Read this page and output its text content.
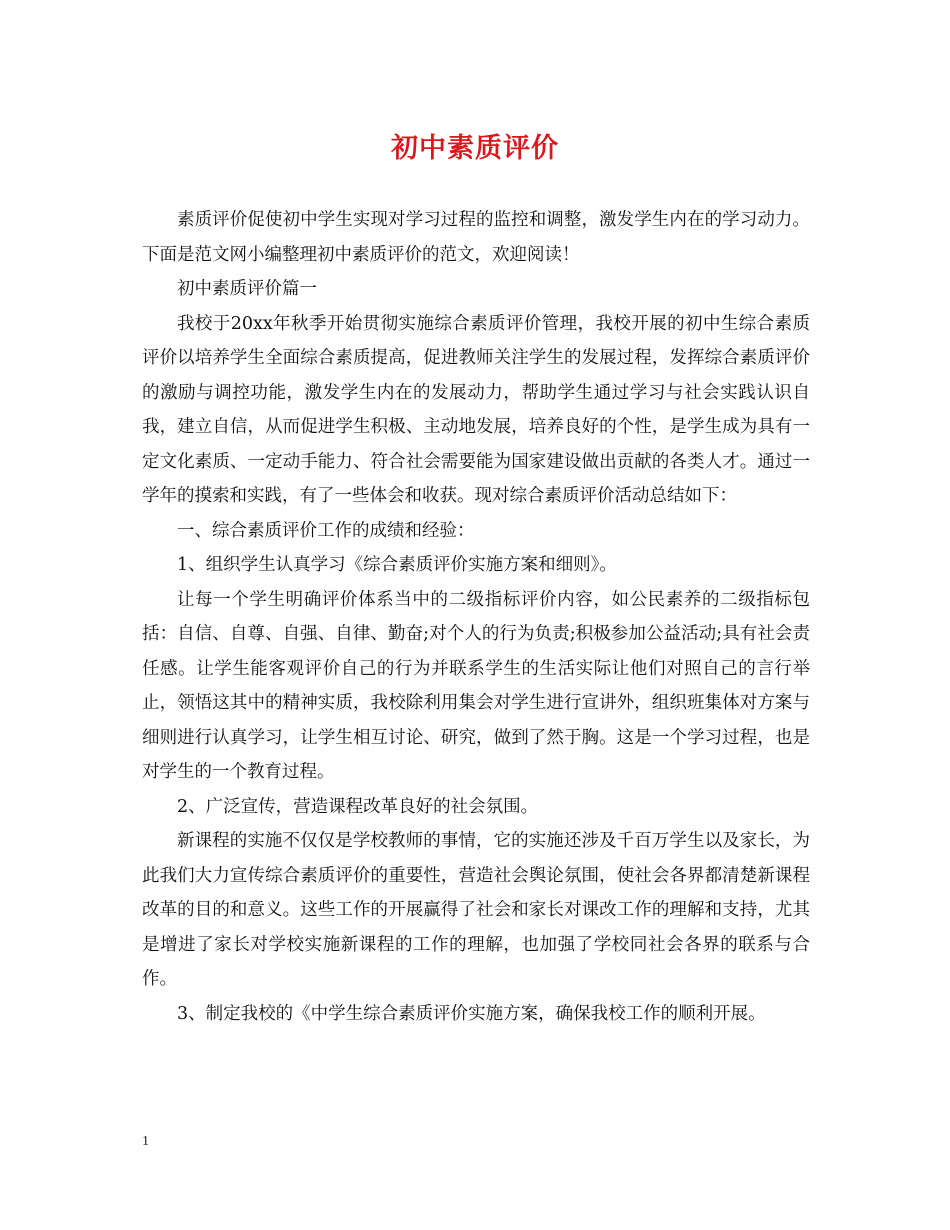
初中素质评价

素质评价促使初中学生实现对学习过程的监控和调整，激发学生内在的学习动力。下面是范文网小编整理初中素质评价的范文，欢迎阅读！

初中素质评价篇一

我校于20xx年秋季开始贯彻实施综合素质评价管理，我校开展的初中生综合素质评价以培养学生全面综合素质提高，促进教师关注学生的发展过程，发挥综合素质评价的激励与调控功能，激发学生内在的发展动力，帮助学生通过学习与社会实践认识自我，建立自信，从而促进学生积极、主动地发展，培养良好的个性，是学生成为具有一定文化素质、一定动手能力、符合社会需要能为国家建设做出贡献的各类人才。通过一学年的摸索和实践，有了一些体会和收获。现对综合素质评价活动总结如下：

一、综合素质评价工作的成绩和经验：

1、组织学生认真学习《综合素质评价实施方案和细则》。

让每一个学生明确评价体系当中的二级指标评价内容，如公民素养的二级指标包括：自信、自尊、自强、自律、勤奋;对个人的行为负责;积极参加公益活动;具有社会责任感。让学生能客观评价自己的行为并联系学生的生活实际让他们对照自己的言行举止，领悟这其中的精神实质，我校除利用集会对学生进行宣讲外，组织班集体对方案与细则进行认真学习，让学生相互讨论、研究，做到了然于胸。这是一个学习过程，也是对学生的一个教育过程。

2、广泛宣传，营造课程改革良好的社会氛围。

新课程的实施不仅仅是学校教师的事情，它的实施还涉及千百万学生以及家长，为此我们大力宣传综合素质评价的重要性，营造社会舆论氛围，使社会各界都清楚新课程改革的目的和意义。这些工作的开展赢得了社会和家长对课改工作的理解和支持，尤其是增进了家长对学校实施新课程的工作的理解，也加强了学校同社会各界的联系与合作。

3、制定我校的《中学生综合素质评价实施方案，确保我校工作的顺利开展。

1
